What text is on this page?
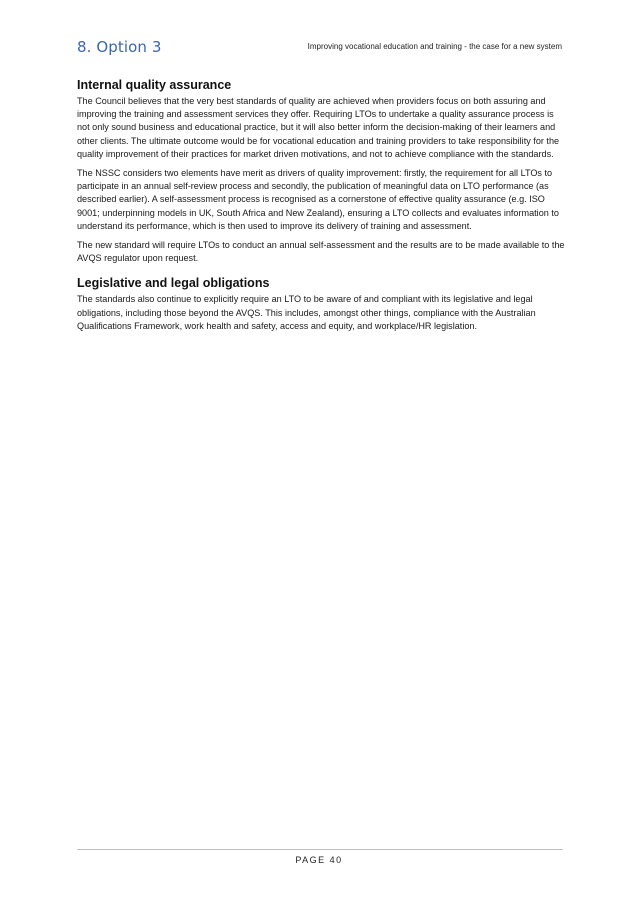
8. Option 3	Improving vocational education and training - the case for a new system
Internal quality assurance

The Council believes that the very best standards of quality are achieved when providers focus on both assuring and improving the training and assessment services they offer. Requiring LTOs to undertake a quality assurance process is not only sound business and educational practice, but it will also better inform the decision-making of their learners and other clients. The ultimate outcome would be for vocational education and training providers to take responsibility for the quality improvement of their practices for market driven motivations, and not to achieve compliance with the standards.

The NSSC considers two elements have merit as drivers of quality improvement: firstly, the requirement for all LTOs to participate in an annual self-review process and secondly, the publication of meaningful data on LTO performance (as described earlier). A self-assessment process is recognised as a cornerstone of effective quality assurance (e.g. ISO 9001; underpinning models in UK, South Africa and New Zealand), ensuring a LTO collects and evaluates information to understand its performance, which is then used to improve its delivery of training and assessment.

The new standard will require LTOs to conduct an annual self-assessment and the results are to be made available to the AVQS regulator upon request.

Legislative and legal obligations

The standards also continue to explicitly require an LTO to be aware of and compliant with its legislative and legal obligations, including those beyond the AVQS. This includes, amongst other things, compliance with the Australian Qualifications Framework, work health and safety, access and equity, and workplace/HR legislation.

PAGE 40
